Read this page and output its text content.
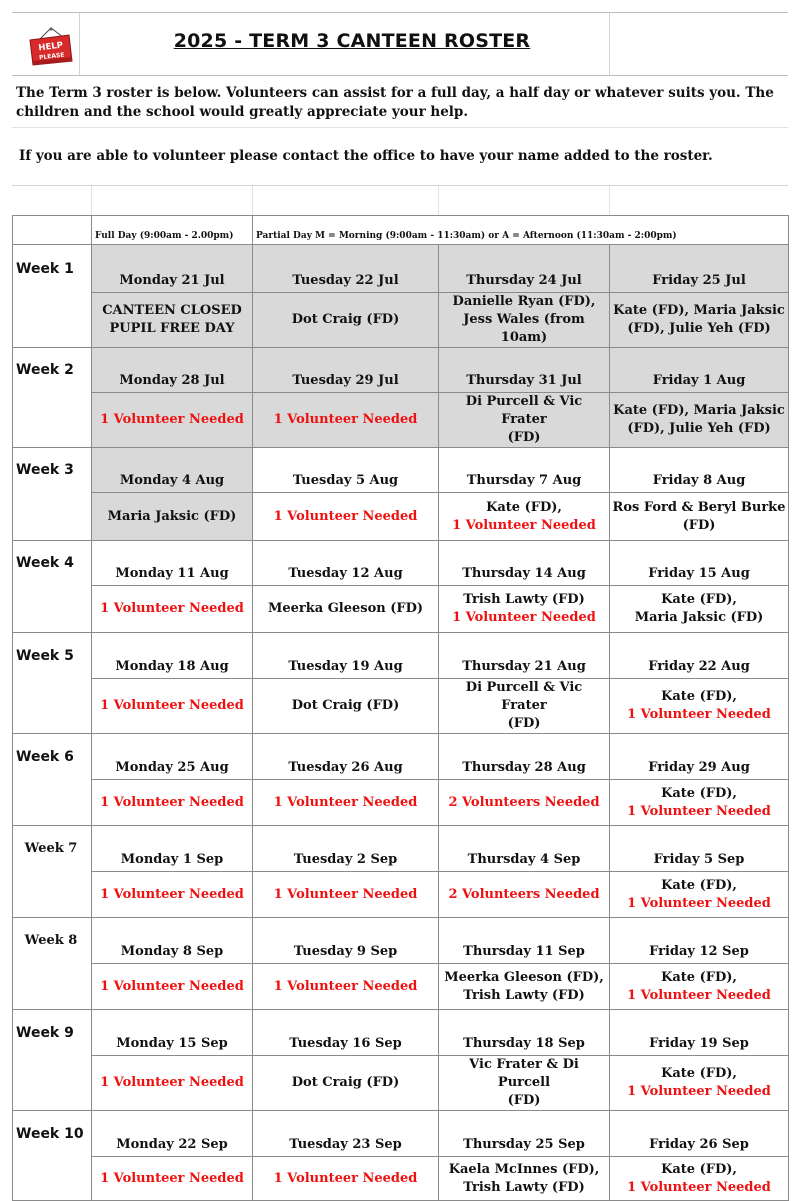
HELP
PLEASE
2025 - TERM 3 CANTEEN ROSTER
The Term 3 roster is below. Volunteers can assist for a full day, a half day or whatever suits you. The children and the school would greatly appreciate your help.
If you are able to volunteer please contact the office to have your name added to the roster.
	Full Day (9:00am - 2.00pm)	Partial Day M = Morning (9:00am - 11:30am) or A = Afternoon (11:30am - 2:00pm)		
Week 1	Monday 21 Jul	Tuesday 22 Jul	Thursday 24 Jul	Friday 25 Jul

	CANTEEN CLOSED
PUPIL FREE DAY	Dot Craig (FD)	Danielle Ryan (FD),
Jess Wales (from 10am)	Kate (FD), Maria Jaksic
(FD), Julie Yeh (FD)

Week 2	Monday 28 Jul	Tuesday 29 Jul	Thursday 31 Jul	Friday 1 Aug

	1 Volunteer Needed	1 Volunteer Needed	Di Purcell & Vic Frater
(FD)	Kate (FD), Maria Jaksic
(FD), Julie Yeh (FD)

Week 3	Monday 4 Aug	Tuesday 5 Aug	Thursday 7 Aug	Friday 8 Aug

	Maria Jaksic (FD)	1 Volunteer Needed	Kate (FD),
1 Volunteer Needed	Ros Ford & Beryl Burke
(FD)

Week 4	Monday 11 Aug	Tuesday 12 Aug	Thursday 14 Aug	Friday 15 Aug

	1 Volunteer Needed	Meerka Gleeson (FD)	Trish Lawty (FD)
1 Volunteer Needed	Kate (FD),
Maria Jaksic (FD)

Week 5	Monday 18 Aug	Tuesday 19 Aug	Thursday 21 Aug	Friday 22 Aug

	1 Volunteer Needed	Dot Craig (FD)	Di Purcell & Vic Frater
(FD)	Kate (FD),
1 Volunteer Needed

Week 6	Monday 25 Aug	Tuesday 26 Aug	Thursday 28 Aug	Friday 29 Aug

	1 Volunteer Needed	1 Volunteer Needed	2 Volunteers Needed	Kate (FD),
1 Volunteer Needed

Week 7	Monday 1 Sep	Tuesday 2 Sep	Thursday 4 Sep	Friday 5 Sep

	1 Volunteer Needed	1 Volunteer Needed	2 Volunteers Needed	Kate (FD),
1 Volunteer Needed

Week 8	Monday 8 Sep	Tuesday 9 Sep	Thursday 11 Sep	Friday 12 Sep

	1 Volunteer Needed	1 Volunteer Needed	Meerka Gleeson (FD),
Trish Lawty (FD)	Kate (FD),
1 Volunteer Needed

Week 9	Monday 15 Sep	Tuesday 16 Sep	Thursday 18 Sep	Friday 19 Sep

	1 Volunteer Needed	Dot Craig (FD)	Vic Frater & Di Purcell
(FD)	Kate (FD),
1 Volunteer Needed

Week 10	Monday 22 Sep	Tuesday 23 Sep	Thursday 25 Sep	Friday 26 Sep

	1 Volunteer Needed	1 Volunteer Needed	Kaela McInnes (FD),
Trish Lawty (FD)	Kate (FD),
1 Volunteer Needed
